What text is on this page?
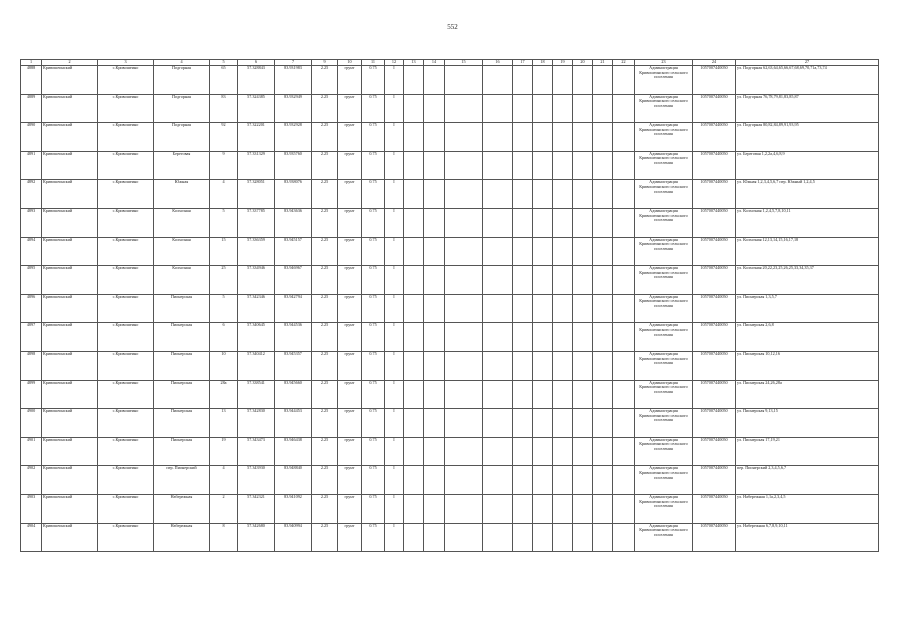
552
1	2	3	4	5	6	7	9	10	11	12	13	14	15	16	17	18	19	20	21	22	23	24	27
4888	Кривошеинский	с.Кривошеино	Подгорная	65	57.328843	83.931983	2.25	грунт	0.75	I											Администрация Кривошеинского сельского поселения	1057007440050	ул. Подгорная 62,63,64,65,66,67,68,69,70,71а,73,74
4889	Кривошеинский	с.Кривошеино	Подгорная	83	57.324385	83.932949	2.25	грунт	0.75	I											Администрация Кривошеинского сельского поселения	1057007440050	ул. Подгорная 76,78,79,81,83,85,87
4890	Кривошеинский	с.Кривошеино	Подгорная	92	57.322201	83.932928	2.25	грунт	0.75	I											Администрация Кривошеинского сельского поселения	1057007440050	ул. Подгорная 80,82,84,89,91,93,95
4891	Кривошеинский	с.Кривошеино	Береговая	9	57.331329	83.935760	2.25	грунт	0.75	I											Администрация Кривошеинского сельского поселения	1057007440050	ул. Береговая 1,2,2а,4,6,8,9
4892	Кривошеинский	с.Кривошеино	Южная	4	57.328051	83.938076	2.25	грунт	0.75	I											Администрация Кривошеинского сельского поселения	1057007440050	ул. Южная 1,2,3,4,5,6,7 пер. Южный 1,2,4,5
4893	Кривошеинский	с.Кривошеино	Колхозная	5	57.337785	83.943636	2.25	грунт	0.75	I											Администрация Кривошеинского сельского поселения	1057007440050	ул. Колхозная 1,2,4,5,7,8,10,11
4894	Кривошеинский	с.Кривошеино	Колхозная	15	57.336359	83.945157	2.25	грунт	0.75	I											Администрация Кривошеинского сельского поселения	1057007440050	ул. Колхозная 12,13,14,15,16,17,18
4895	Кривошеинский	с.Кривошеино	Колхозная	25	57.334946	83.946967	2.25	грунт	0.75	I											Администрация Кривошеинского сельского поселения	1057007440050	ул. Колхозная 20,22,23,25,26,25,33,34,35,37
4896	Кривошеинский	с.Кривошеино	Пионерская	5	57.342346	83.942794	2.25	грунт	0.75	I											Администрация Кривошеинского сельского поселения	1057007440050	ул. Пионерская 1,3,5,7
4897	Кривошеинский	с.Кривошеино	Пионерская	6	57.340645	83.944536	2.25	грунт	0.75	I											Администрация Кривошеинского сельского поселения	1057007440050	ул. Пионерская 2,6,8
4898	Кривошеинский	с.Кривошеино	Пионерская	10	57.340412	83.945357	2.25	грунт	0.75	I											Администрация Кривошеинского сельского поселения	1057007440050	ул. Пионерская 10,12,16
4899	Кривошеинский	с.Кривошеино	Пионерская	28а	57.338541	83.945660	2.25	грунт	0.75	I											Администрация Кривошеинского сельского поселения	1057007440050	ул. Пионерская 24,26,28а
4900	Кривошеинский	с.Кривошеино	Пионерская	13	57.342830	83.944453	2.25	грунт	0.75	I											Администрация Кривошеинского сельского поселения	1057007440050	ул. Пионерская 9,13,15
4901	Кривошеинский	с.Кривошеино	Пионерская	19	57.343473	83.946438	2.25	грунт	0.75	I											Администрация Кривошеинского сельского поселения	1057007440050	ул. Пионерская 17,19,21
4902	Кривошеинский	с.Кривошеино	пер. Пионерский	4	57.343930	83.948840	2.25	грунт	0.75	I											Администрация Кривошеинского сельского поселения	1057007440050	пер. Пионерский 2,3,4,5,6,7
4903	Кривошеинский	с.Кривошеино	Набережная	2	57.342321	83.941092	2.25	грунт	0.75	I											Администрация Кривошеинского сельского поселения	1057007440050	ул. Набережная 1,1а,2,3,4,5
4904	Кривошеинский	с.Кривошеино	Набережная	8	57.342680	83.940994	2.25	грунт	0.75	I											Администрация Кривошеинского сельского поселения	1057007440050	ул. Набережная 6,7,8,9,10,11
